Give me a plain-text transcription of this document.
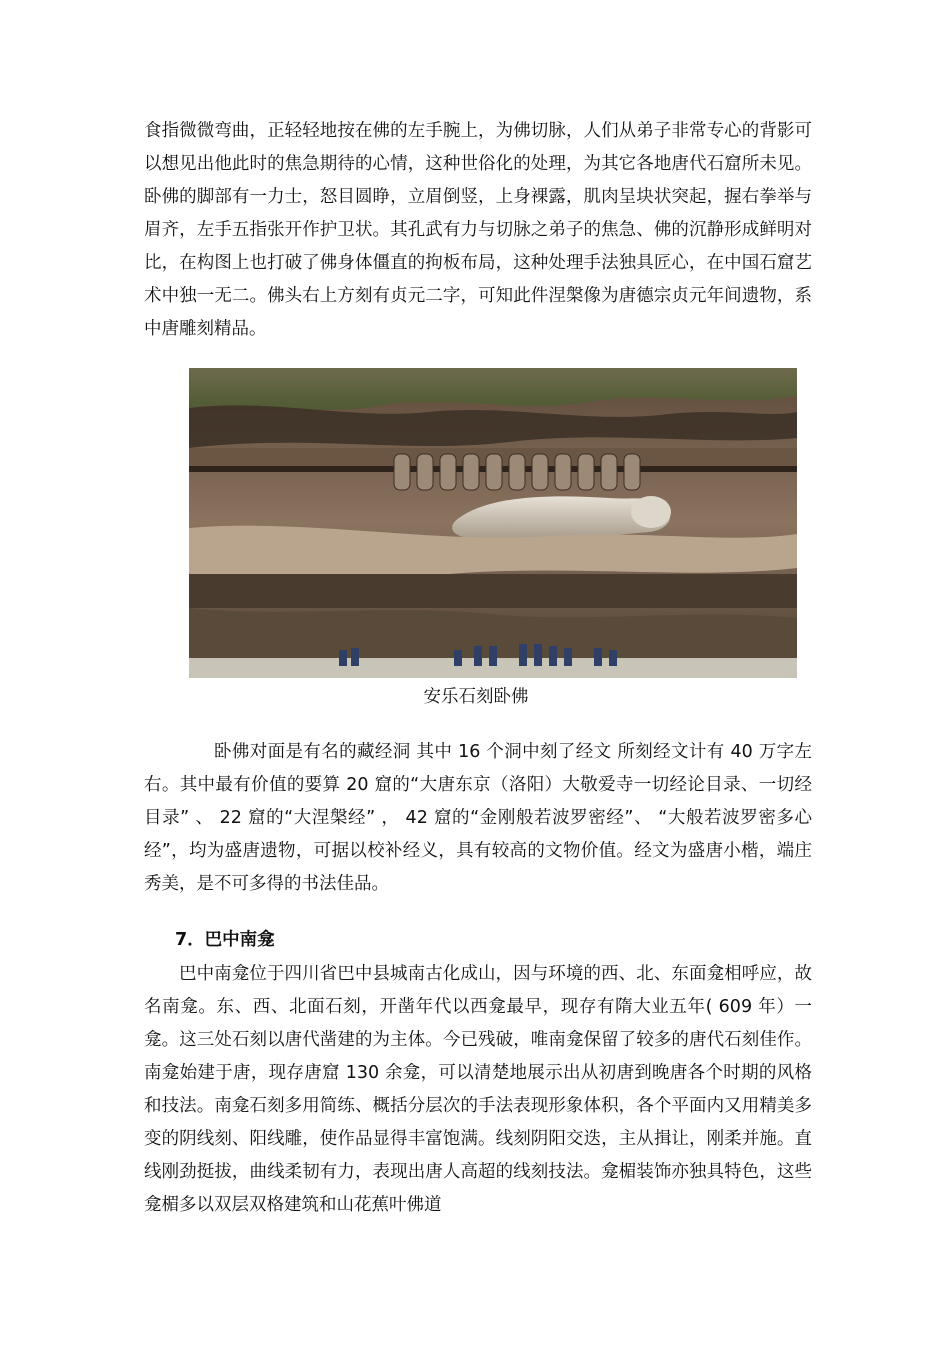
食指微微弯曲，正轻轻地按在佛的左手腕上，为佛切脉，人们从弟子非常专心的背影可以想见出他此时的焦急期待的心情，这种世俗化的处理，为其它各地唐代石窟所未见。卧佛的脚部有一力士，怒目圆睁，立眉倒竖，上身裸露，肌肉呈块状突起，握右拳举与眉齐，左手五指张开作护卫状。其孔武有力与切脉之弟子的焦急、佛的沉静形成鲜明对比，在构图上也打破了佛身体僵直的拘板布局，这种处理手法独具匠心，在中国石窟艺术中独一无二。佛头右上方刻有贞元二字，可知此件涅槃像为唐德宗贞元年间遗物，系中唐雕刻精品。

安乐石刻卧佛

卧佛对面是有名的藏经洞 其中 16 个洞中刻了经文 所刻经文计有 40 万字左右。其中最有价值的要算 20 窟的“大唐东京（洛阳）大敬爱寺一切经论目录、一切经目录” 、 22 窟的“大涅槃经” ， 42 窟的“金刚般若波罗密经”、 “大般若波罗密多心经”，均为盛唐遗物，可据以校补经义，具有较高的文物价值。经文为盛唐小楷，端庄秀美，是不可多得的书法佳品。

7．巴中南龛

巴中南龛位于四川省巴中县城南古化成山，因与环境的西、北、东面龛相呼应，故名南龛。东、西、北面石刻，开凿年代以西龛最早，现存有隋大业五年( 609 年）一龛。这三处石刻以唐代凿建的为主体。今已残破，唯南龛保留了较多的唐代石刻佳作。南龛始建于唐，现存唐窟 130 余龛，可以清楚地展示出从初唐到晚唐各个时期的风格和技法。南龛石刻多用简练、概括分层次的手法表现形象体积，各个平面内又用精美多变的阴线刻、阳线雕，使作品显得丰富饱满。线刻阴阳交迭，主从揖让，刚柔并施。直线刚劲挺拔，曲线柔韧有力，表现出唐人高超的线刻技法。龛楣装饰亦独具特色，这些龛楣多以双层双格建筑和山花蕉叶佛道
